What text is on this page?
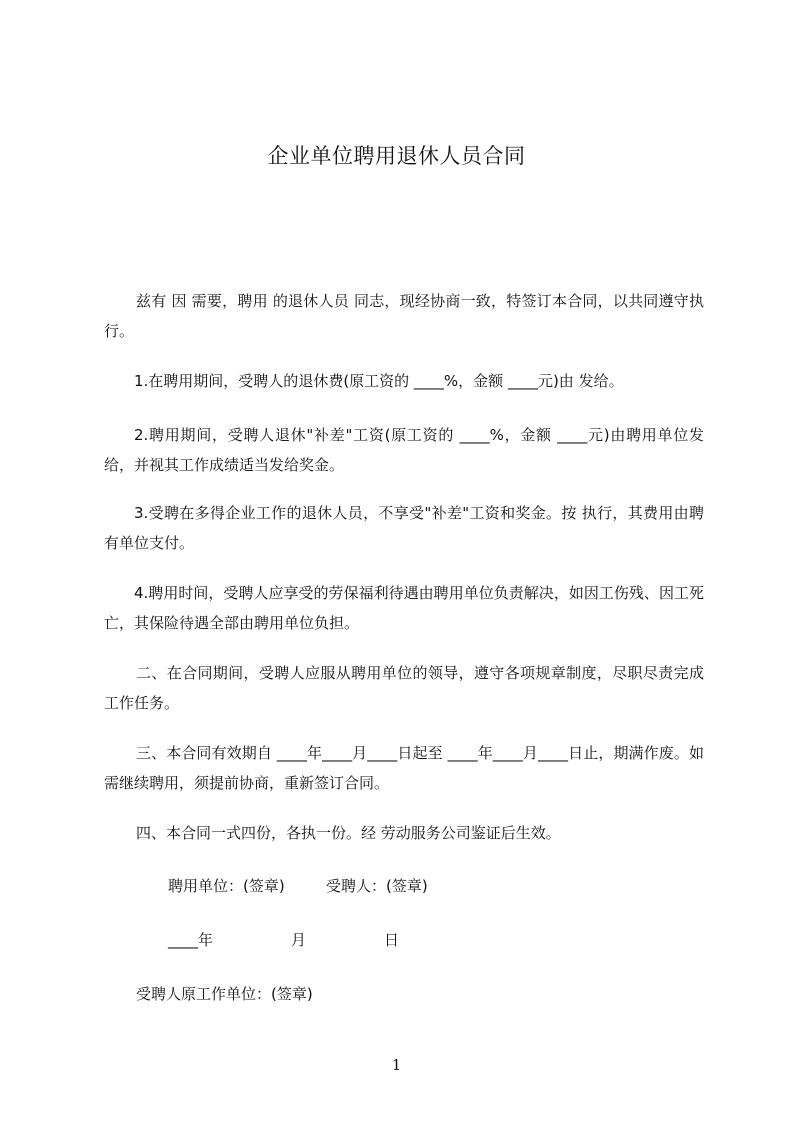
企业单位聘用退休人员合同

兹有 因 需要，聘用 的退休人员 同志，现经协商一致，特签订本合同，以共同遵守执行。

1.在聘用期间，受聘人的退休费(原工资的 ____%，金额 ____元)由 发给。

2.聘用期间，受聘人退休"补差"工资(原工资的 ____%，金额 ____元)由聘用单位发给，并视其工作成绩适当发给奖金。

3.受聘在多得企业工作的退休人员，不享受"补差"工资和奖金。按 执行，其费用由聘有单位支付。

4.聘用时间，受聘人应享受的劳保福利待遇由聘用单位负责解决，如因工伤残、因工死亡，其保险待遇全部由聘用单位负担。

二、在合同期间，受聘人应服从聘用单位的领导，遵守各项规章制度，尽职尽责完成工作任务。

三、本合同有效期自 ____年____月____日起至 ____年____月____日止，期满作废。如需继续聘用，须提前协商，重新签订合同。

四、本合同一式四份，各执一份。经 劳动服务公司鉴证后生效。

聘用单位：(签章)	受聘人：(签章)
____年	月	日
受聘人原工作单位：(签章)
1
